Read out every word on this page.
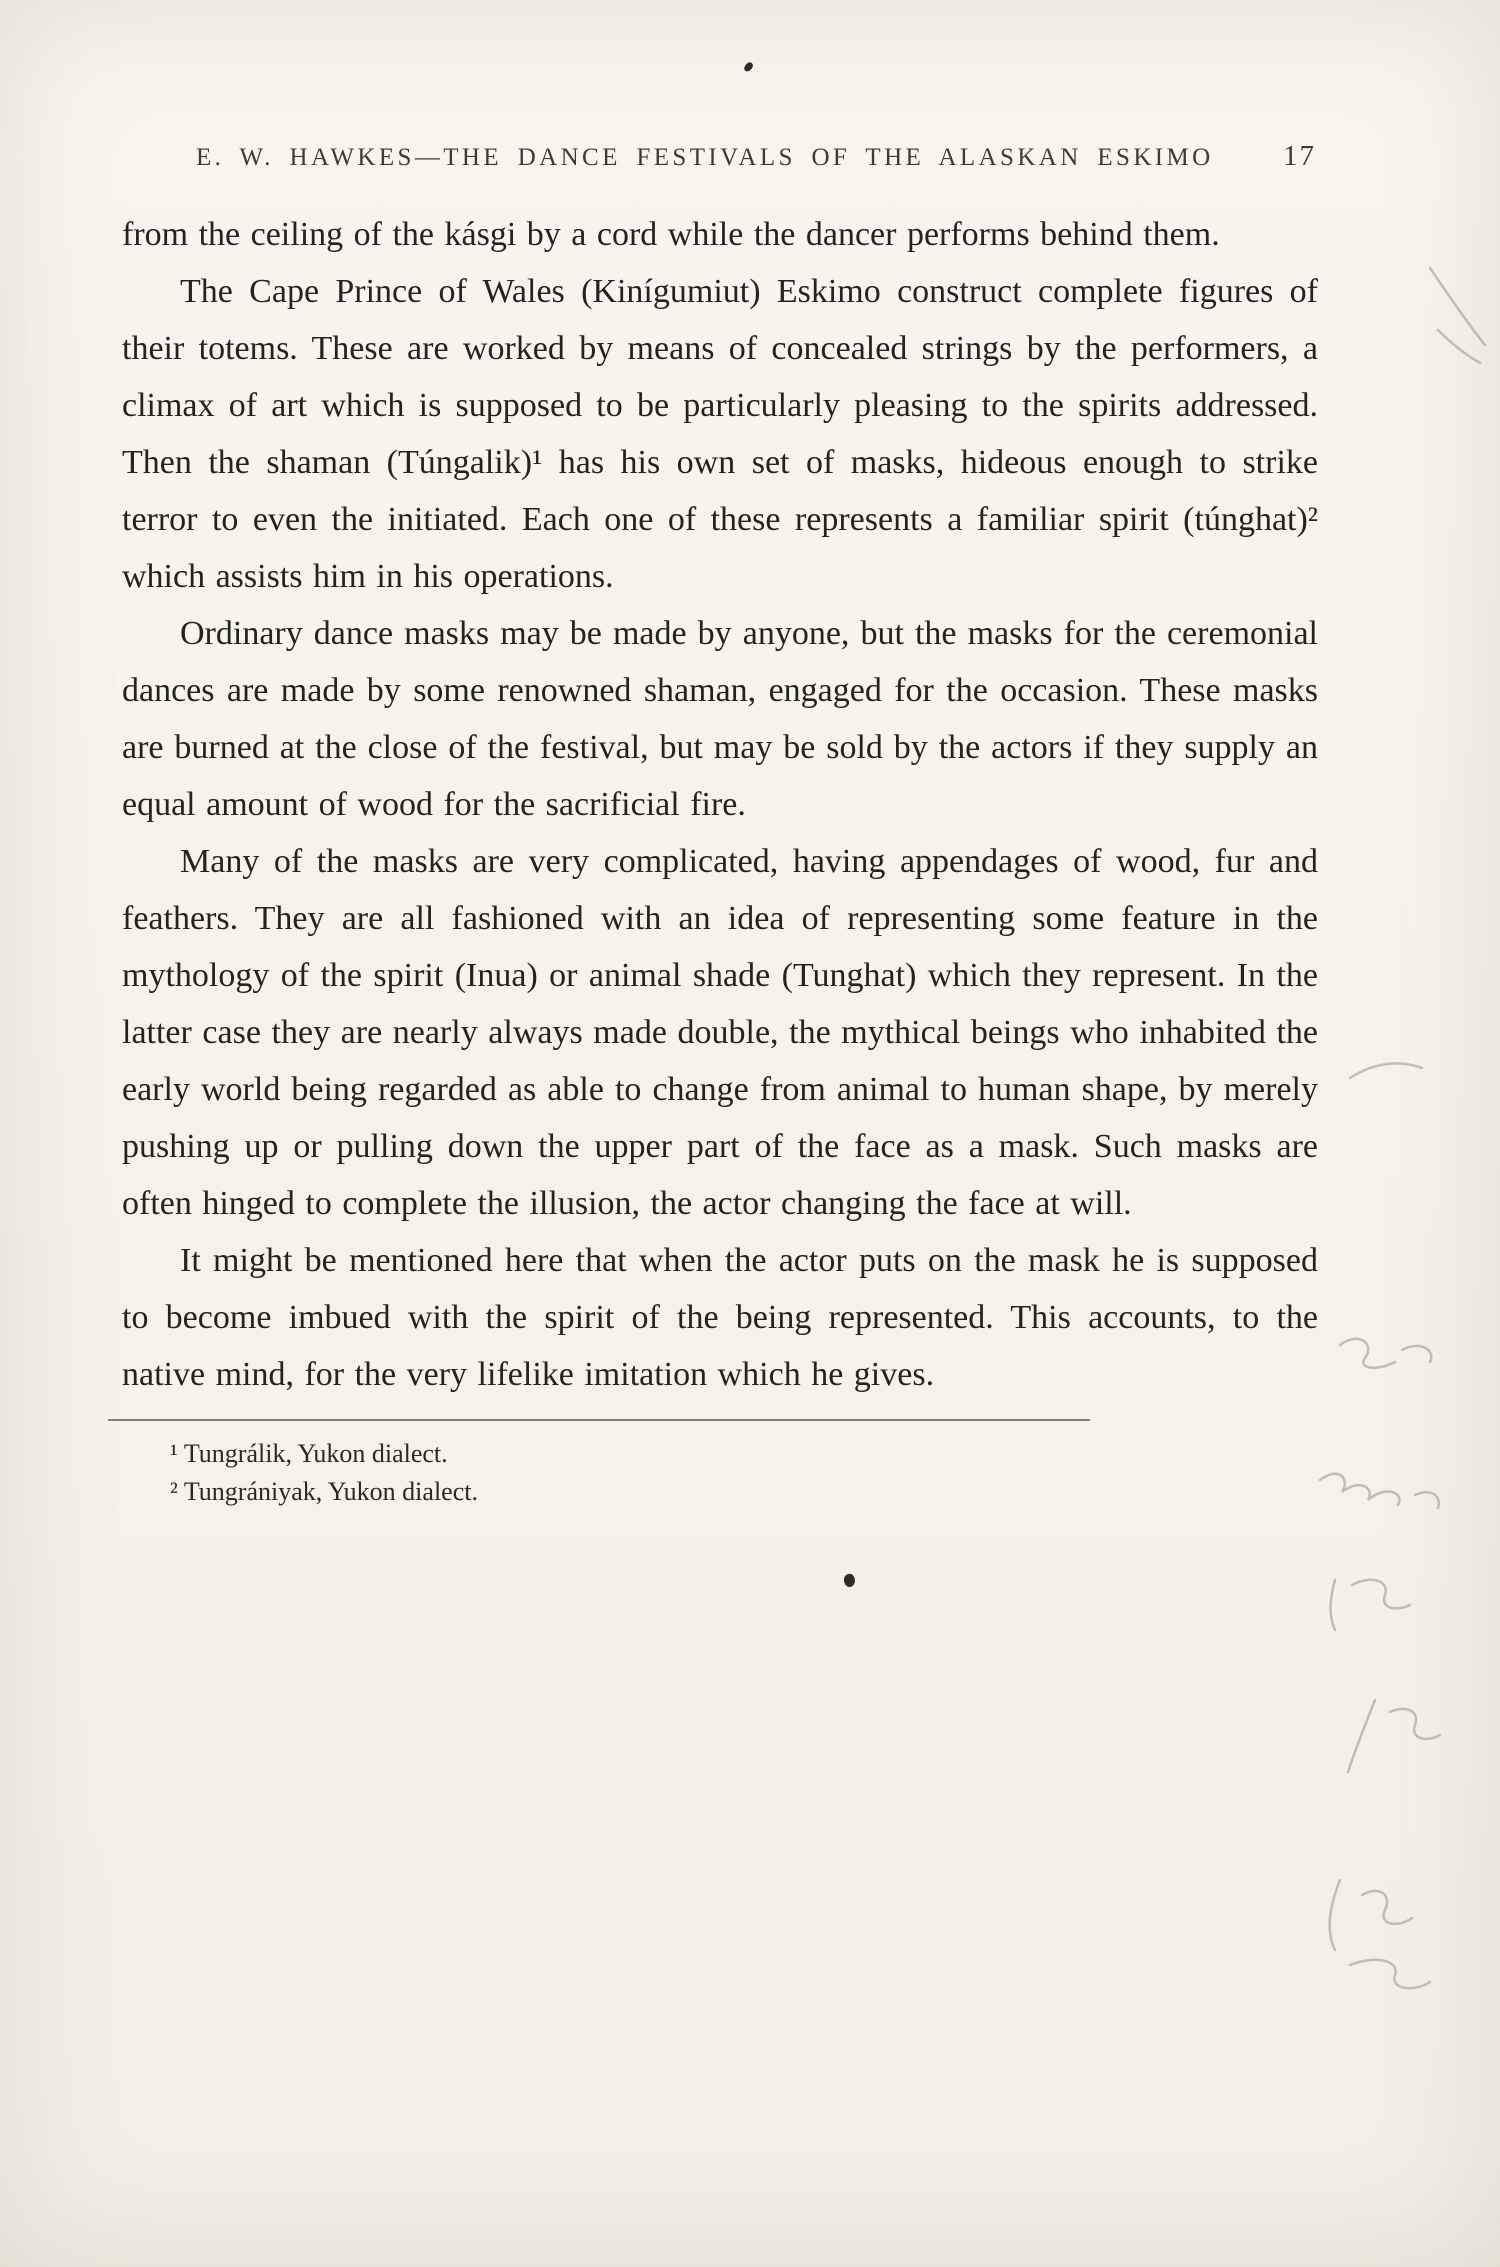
E. W. HAWKES—THE DANCE FESTIVALS OF THE ALASKAN ESKIMO 17

from the ceiling of the kásgi by a cord while the dancer performs behind them.

The Cape Prince of Wales (Kinígumiut) Eskimo construct complete figures of their totems. These are worked by means of concealed strings by the performers, a climax of art which is supposed to be particularly pleasing to the spirits addressed. Then the shaman (Túngalik)¹ has his own set of masks, hideous enough to strike terror to even the initiated. Each one of these represents a familiar spirit (túnghat)² which assists him in his operations.

Ordinary dance masks may be made by anyone, but the masks for the ceremonial dances are made by some renowned shaman, engaged for the occasion. These masks are burned at the close of the festival, but may be sold by the actors if they supply an equal amount of wood for the sacrificial fire.

Many of the masks are very complicated, having appendages of wood, fur and feathers. They are all fashioned with an idea of representing some feature in the mythology of the spirit (Inua) or animal shade (Tunghat) which they represent. In the latter case they are nearly always made double, the mythical beings who inhabited the early world being regarded as able to change from animal to human shape, by merely pushing up or pulling down the upper part of the face as a mask. Such masks are often hinged to complete the illusion, the actor changing the face at will.

It might be mentioned here that when the actor puts on the mask he is supposed to become imbued with the spirit of the being represented. This accounts, to the native mind, for the very lifelike imitation which he gives.

¹ Tungrálik, Yukon dialect.
² Tungrániyak, Yukon dialect.
